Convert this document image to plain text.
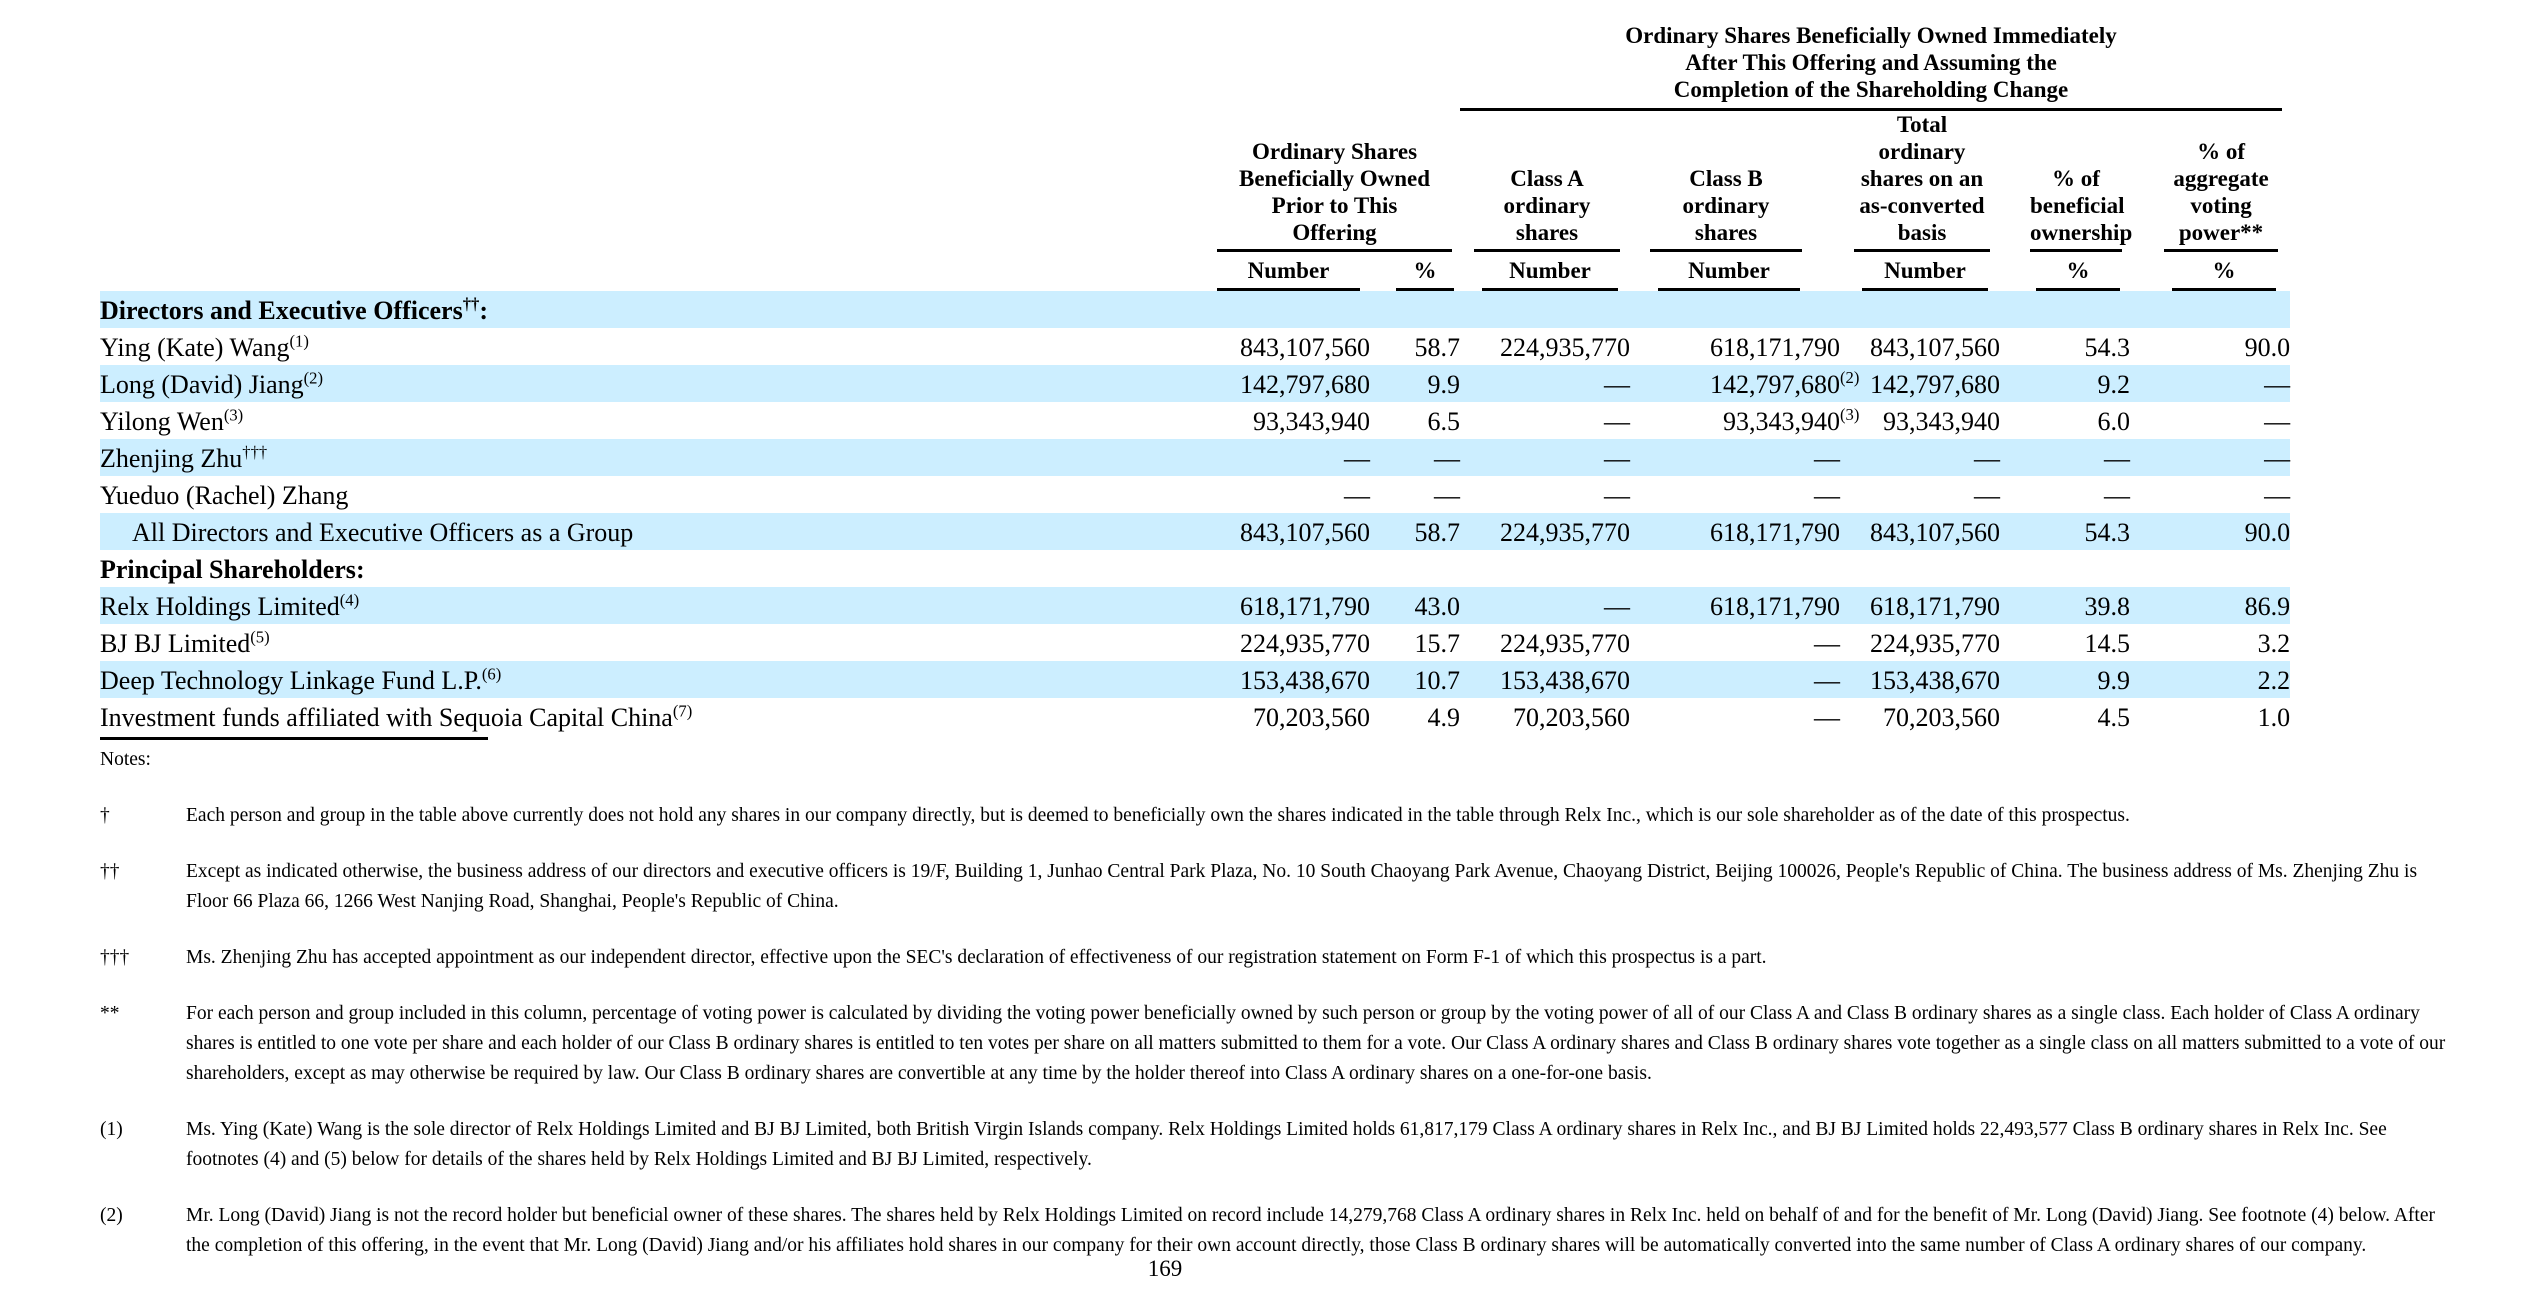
			Ordinary Shares Beneficially Owned Immediately
After This Offering and Assuming the
Completion of the Shareholding Change				

Ordinary Shares
Beneficially Owned
Prior to This
Offering

Class A
ordinary
shares

Class B
ordinary
shares

Total
ordinary
shares on an
as-converted
basis

% of
beneficial
ownership

% of
aggregate
voting
power**

	Number	%	Number	Number	Number	%	%

Directors and Executive Officers††:							
Ying (Kate) Wang$^{(1)}$	843,107,560	58.7	224,935,770	618,171,790	843,107,560	54.3	90.0
Long (David) Jiang$^{(2)}$	142,797,680	9.9	—	142,797,680	142,797,680	9.2	—
Yilong Wen$^{(3)}$	93,343,940	6.5	—	93,343,940(3)	93,343,940	6.0	—
Zhenjing Zhu†††	—	—	—	—	—	—	—
Yueduo (Rachel) Zhang	—	—	—	—	—	—	—
All Directors and Executive Officers as a Group	843,107,560	58.7	224,935,770	618,171,790	843,107,560	54.3	90.0
Principal Shareholders:							
Relx Holdings Limited$^{(4)}$	618,171,790	43.0	—	618,171,790	618,171,790	39.8	86.9
BJ BJ Limited$^{(5)}$	224,935,770	15.7	224,935,770	—	224,935,770	14.5	3.2
Deep Technology Linkage Fund L.P.$^{(6)}$	153,438,670	10.7	153,438,670	—	153,438,670	9.9	2.2
Investment funds affiliated with Sequoia Capital China$^{(7)}$	70,203,560	4.9	70,203,560	—	70,203,560	4.5	1.0
Notes:
†	Each person and group in the table above currently does not hold any shares in our company directly, but is deemed to beneficially own the shares indicated in the table through Relx Inc., which is our sole shareholder as of the date of this prospectus.
††	Except as indicated otherwise, the business address of our directors and executive officers is 19/F, Building 1, Junhao Central Park Plaza, No. 10 South Chaoyang Park Avenue, Chaoyang District, Beijing 100026, People's Republic of China. The business address of Ms. Zhenjing Zhu is Floor 66 Plaza 66, 1266 West Nanjing Road, Shanghai, People's Republic of China.
†††	Ms. Zhenjing Zhu has accepted appointment as our independent director, effective upon the SEC's declaration of effectiveness of our registration statement on Form F-1 of which this prospectus is a part.
**	For each person and group included in this column, percentage of voting power is calculated by dividing the voting power beneficially owned by such person or group by the voting power of all of our Class A and Class B ordinary shares as a single class. Each holder of Class A ordinary shares is entitled to one vote per share and each holder of our Class B ordinary shares is entitled to ten votes per share on all matters submitted to them for a vote. Our Class A ordinary shares and Class B ordinary shares vote together as a single class on all matters submitted to a vote of our shareholders, except as may otherwise be required by law. Our Class B ordinary shares are convertible at any time by the holder thereof into Class A ordinary shares on a one-for-one basis.
(1)	Ms. Ying (Kate) Wang is the sole director of Relx Holdings Limited and BJ BJ Limited, both British Virgin Islands company. Relx Holdings Limited holds 61,817,179 Class A ordinary shares in Relx Inc., and BJ BJ Limited holds 22,493,577 Class B ordinary shares in Relx Inc. See footnotes (4) and (5) below for details of the shares held by Relx Holdings Limited and BJ BJ Limited, respectively.
(2)	Mr. Long (David) Jiang is not the record holder but beneficial owner of these shares. The shares held by Relx Holdings Limited on record include 14,279,768 Class A ordinary shares in Relx Inc. held on behalf of and for the benefit of Mr. Long (David) Jiang. See footnote (4) below. After the completion of this offering, in the event that Mr. Long (David) Jiang and/or his affiliates hold shares in our company for their own account directly, those Class B ordinary shares will be automatically converted into the same number of Class A ordinary shares of our company.
169
